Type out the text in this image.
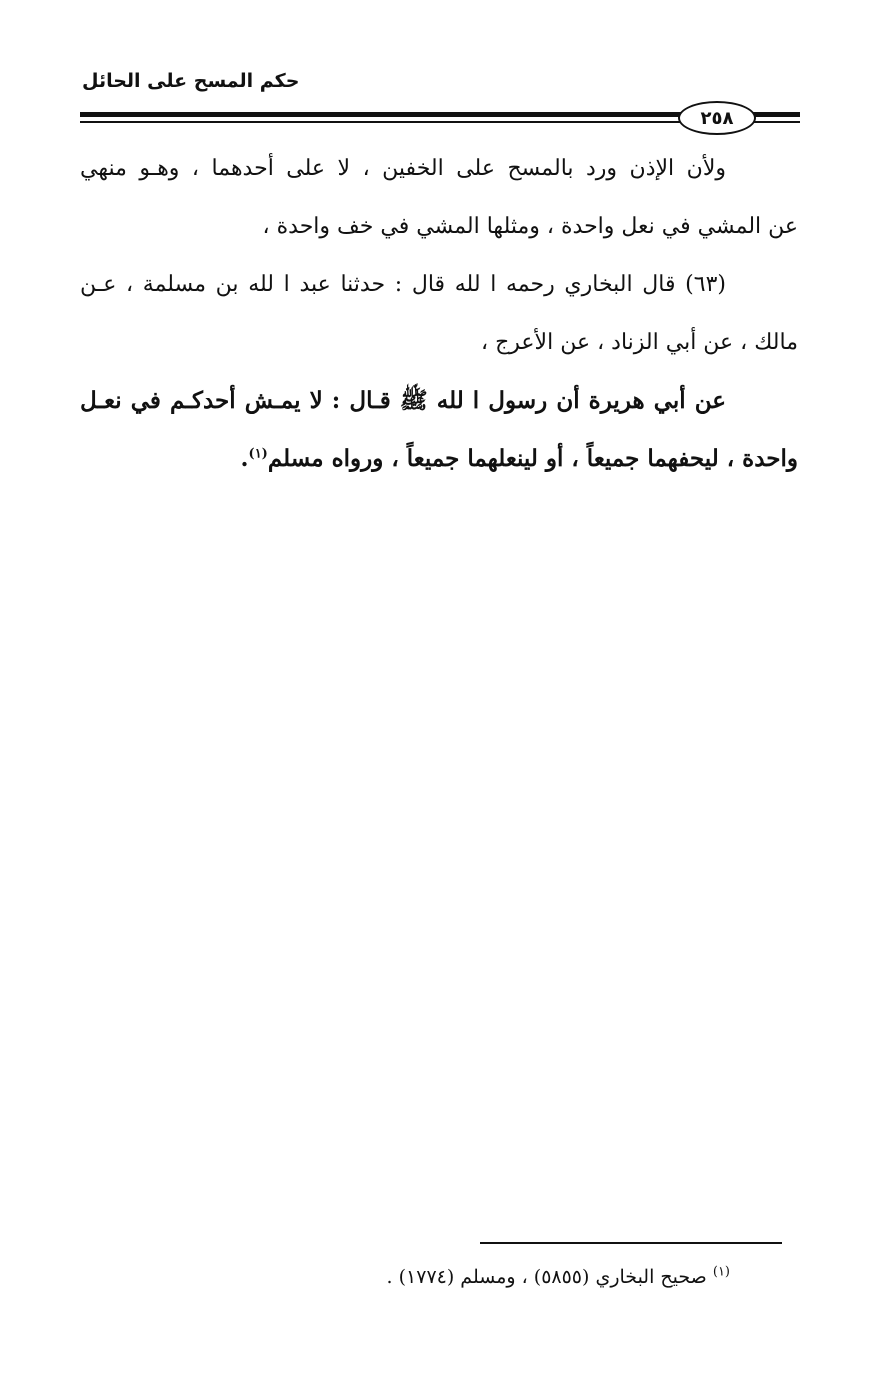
حكم المسح على الحائل
٢٥٨
ولأن الإذن ورد بالمسح على الخفين ، لا على أحدهما ، وهـو منهي
عن المشي في نعل واحدة ، ومثلها المشي في خف واحدة ،
(٦٣) قال البخاري رحمه ا لله قال : حدثنا عبد ا لله بن مسلمة ، عـن
مالك ، عن أبي الزناد ، عن الأعرج ،
عن أبي هريرة أن رسول ا لله ﷺ قـال : لا يمـش أحدكـم في نعـل
واحدة ، ليحفهما جميعاً ، أو لينعلهما جميعاً ، ورواه مسلم$^{(١)}$.
$^{(١)}$ صحيح البخاري (٥٨٥٥) ، ومسلم (١٧٧٤) .
